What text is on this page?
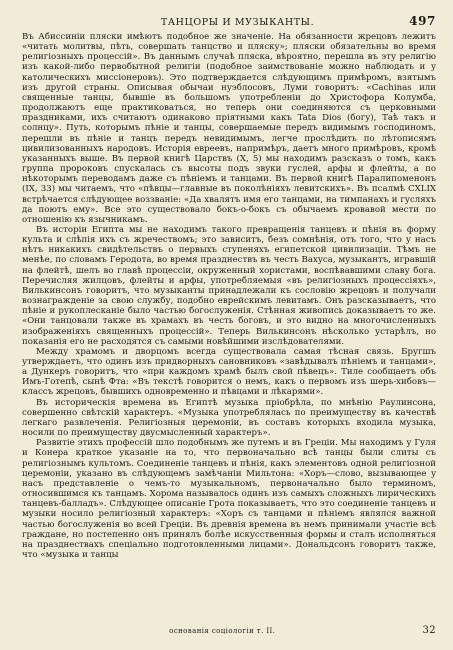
ТАНЦОРЫ И МУЗЫКАНТЫ.	497

Въ Абиссиніи пляски имѣютъ подобное же значеніе. На обязанности жрецовъ лежитъ «читать молитвы, пѣть, совершать танцство и пляску»; пляски обязательны во время религіозныхъ процессій». Въ даннымъ случаѣ пляска, вѣроятно, перешла въ эту религію изъ какой-либо первобытной религіи (подобное заимствованіе можно наблюдать и у католическихъ миссіонеровъ). Это подтверждается слѣдующимъ примѣромъ, взятымъ изъ другой страны. Описывая обычаи нуэблосовъ, Луми говоритъ: «Cachinas или священные танцы, бывшіе въ большомъ употребленіи до Христофора Колумба, продолжаютъ еще практиковаться, но теперь они соединяются съ церковными праздниками, ихъ считаютъ одинаково пріятными какъ Tata Dios (богу), Таѣ такъ и солнцу». Путь, которымъ пѣніе и танцы, совершаемые передъ видимымъ господиномъ, перешли въ пѣніе и танцъ передъ невидимымъ, легче прослѣдить по лѣтописямъ цивилизованныхъ народовъ. Исторія евреевъ, напримѣръ, даетъ много примѣровъ, кромѣ указанныхъ выше. Въ первой книгѣ Царствъ (X, 5) мы находимъ разсказъ о томъ, какъ группа пророковъ спускалась съ высоты подъ звуки гуслей, арфы и флейты, а по нѣкоторымъ переводамъ даже съ пѣніемъ и танцами. Въ первой книгѣ Паралипоменонъ (IX, 33) мы читаемъ, что «пѣвцы—главные въ поколѣніяхъ левитскихъ». Въ псалмѣ CXLIX встрѣчается слѣдующее воззваніе: «Да хвалятъ имя его танцами, на тимпанахъ и гусляхъ да поютъ ему». Все это существовало бокъ-о-бокъ съ обычаемъ кровавой мести по отношенію къ язычникамъ.

Въ исторіи Египта мы не находимъ такого превращенія танцевъ и пѣнія въ форму культа и слѣпія ихъ съ жречествомъ; это зависитъ, безъ сомнѣнія, отъ того, что у насъ нѣтъ никакихъ свидѣтельствъ о первыхъ ступеняхъ египетской цивилизаціи. Тѣмъ не менѣе, по словамъ Геродота, во время празднествъ въ честь Вахуса, музыкантъ, игравшій на флейтѣ, шелъ во главѣ процессіи, окруженный хористами, воспѣвавшими славу бога. Перечисляя жилцовъ, флейты и арфы, употребляемыя «въ религіозныхъ процессіяхъ», Вилькинсонъ говоритъ, что музыканты принадлежали къ сословію жрецовъ и получали вознагражденіе за свою службу, подобно еврейскимъ левитамъ. Онъ разсказываетъ, что пѣніе и рукоплесканіе было частью богослуженія. Стѣнная живопись доказываетъ то же. «Они танцовали также въ храмахъ въ честь боговъ, и это видно на многочисленныхъ изображеніяхъ священныхъ процессій». Теперь Вилькинсонъ нѣсколько устарѣлъ, но показанія его не расходятся съ самыми новѣйшими изслѣдователями.

Между храмомъ и дворцомъ всегда существовала самая тѣсная связь. Бругшъ утверждаетъ, что одинъ изъ придворныхъ сановниковъ «завѣдывалъ пѣніемъ и танцами», а Дункеръ говоритъ, что «при каждомъ храмѣ былъ свой пѣвецъ». Тиле сообщаетъ объ Имъ-Готепѣ, сынѣ Фта: «Въ текстѣ говорится о немъ, какъ о первомъ изъ шерь-хибовъ—классъ жрецовъ, бывшихъ одновременно и пѣвцами и лѣкарями».

Въ историческія времена въ Египтѣ музыка пріобрѣла, по мнѣнію Раулинсона, совершенно свѣтскій характеръ. «Музыка употреблялась по преимуществу въ качествѣ легкаго развлеченія. Религіозныя церемоніи, въ составъ которыхъ входила музыка, носили по преимуществу двусмысленный характеръ».

Развитіе этихъ профессій шло подобнымъ же путемъ и въ Греціи. Мы находимъ у Гуля и Конера краткое указаніе на то, что первоначально всѣ танцы были слиты съ религіознымъ культомъ. Соединеніе танцевъ и пѣнія, какъ элементовъ одной религіозной церемоніи, указано въ слѣдующемъ замѣчаніи Мильтона: «Хоръ—слово, вызывающее у насъ представленіе о чемъ-то музыкальномъ, первоначально было терминомъ, относившимся къ танцамъ. Хорома называлось одинъ изъ самыхъ сложныхъ лирическихъ танцевъ-балладъ». Слѣдующее описаніе Грота показываетъ, что это соединеніе танцевъ и музыки носило религіозный характеръ: «Хоръ съ танцами и пѣніемъ являлся важной частью богослуженія во всей Греціи. Въ древнія времена въ немъ принимали участіе всѣ граждане, но постепенно онъ принялъ болѣе искусственныя формы и сталъ исполняться на празднествахъ спеціально подготовленными лицами». Дональдсонъ говоритъ также, что «музыка и танцы

основанія соціологіи т. II.	32
